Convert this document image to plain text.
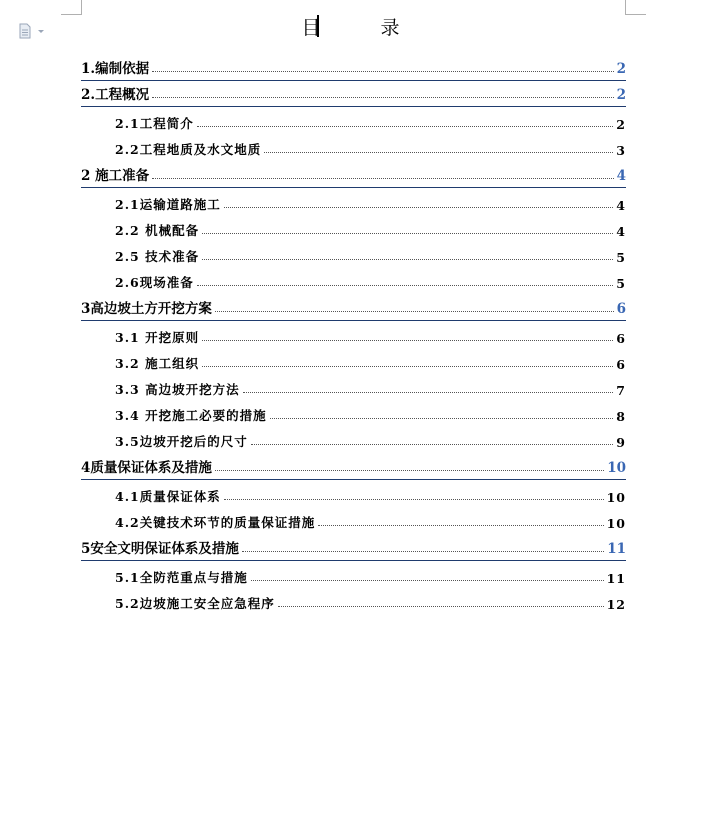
目	录
1.编制依据	2
2.工程概况	2
2.1工程简介	2
2.2工程地质及水文地质	3
2 施工准备	4
2.1运输道路施工	4
2.2 机械配备	4
2.5 技术准备	5
2.6现场准备	5
3高边坡土方开挖方案	6
3.1 开挖原则	6
3.2 施工组织	6
3.3 高边坡开挖方法	7
3.4 开挖施工必要的措施	8
3.5边坡开挖后的尺寸	9
4质量保证体系及措施	10
4.1质量保证体系	10
4.2关键技术环节的质量保证措施	10
5安全文明保证体系及措施	11
5.1全防范重点与措施	11
5.2边坡施工安全应急程序	12
